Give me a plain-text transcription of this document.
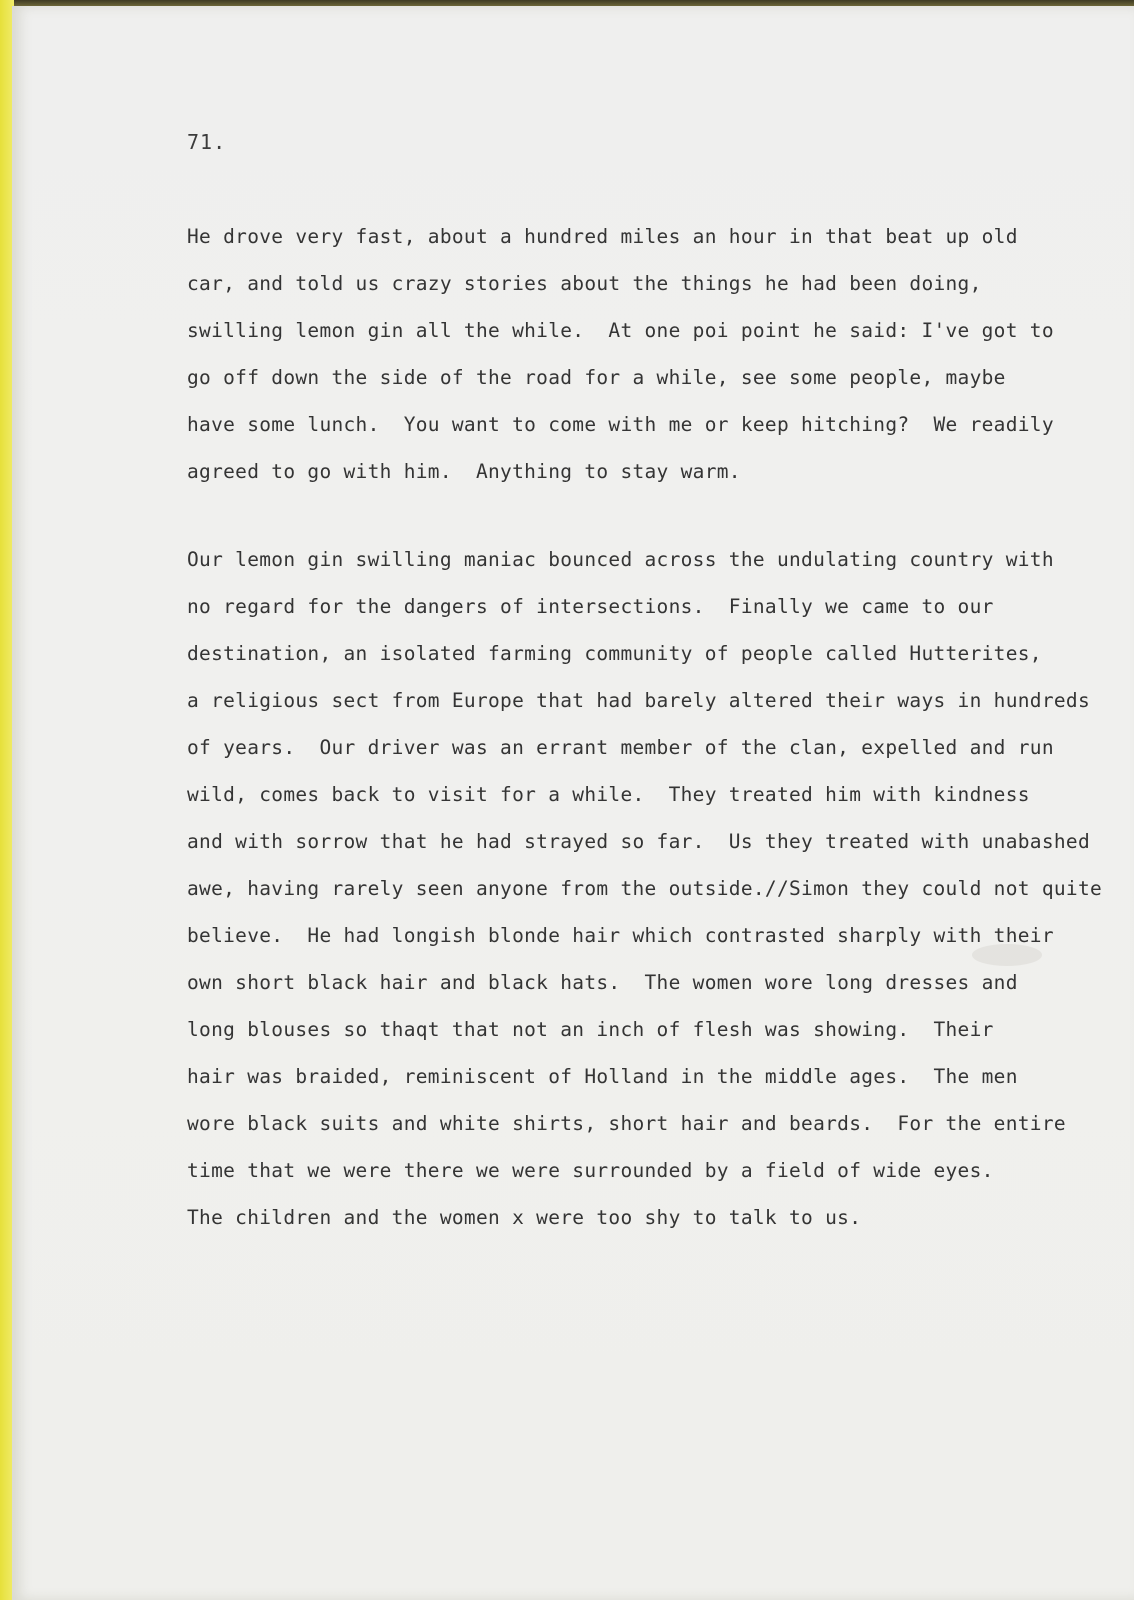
71.

He drove very fast, about a hundred miles an hour in that beat up old
car, and told us crazy stories about the things he had been doing,
swilling lemon gin all the while.  At one poi point he said: I've got to
go off down the side of the road for a while, see some people, maybe
have some lunch.  You want to come with me or keep hitching?  We readily
agreed to go with him.  Anything to stay warm.
Our lemon gin swilling maniac bounced across the undulating country with
no regard for the dangers of intersections.  Finally we came to our
destination, an isolated farming community of people called Hutterites,
a religious sect from Europe that had barely altered their ways in hundreds
of years.  Our driver was an errant member of the clan, expelled and run
wild, comes back to visit for a while.  They treated him with kindness
and with sorrow that he had strayed so far.  Us they treated with unabashed
awe, having rarely seen anyone from the outside.//Simon they could not quite
believe.  He had longish blonde hair which contrasted sharply with their
own short black hair and black hats.  The women wore long dresses and
long blouses so thaqt that not an inch of flesh was showing.  Their
hair was braided, reminiscent of Holland in the middle ages.  The men
wore black suits and white shirts, short hair and beards.  For the entire
time that we were there we were surrounded by a field of wide eyes.
The children and the women x were too shy to talk to us.
